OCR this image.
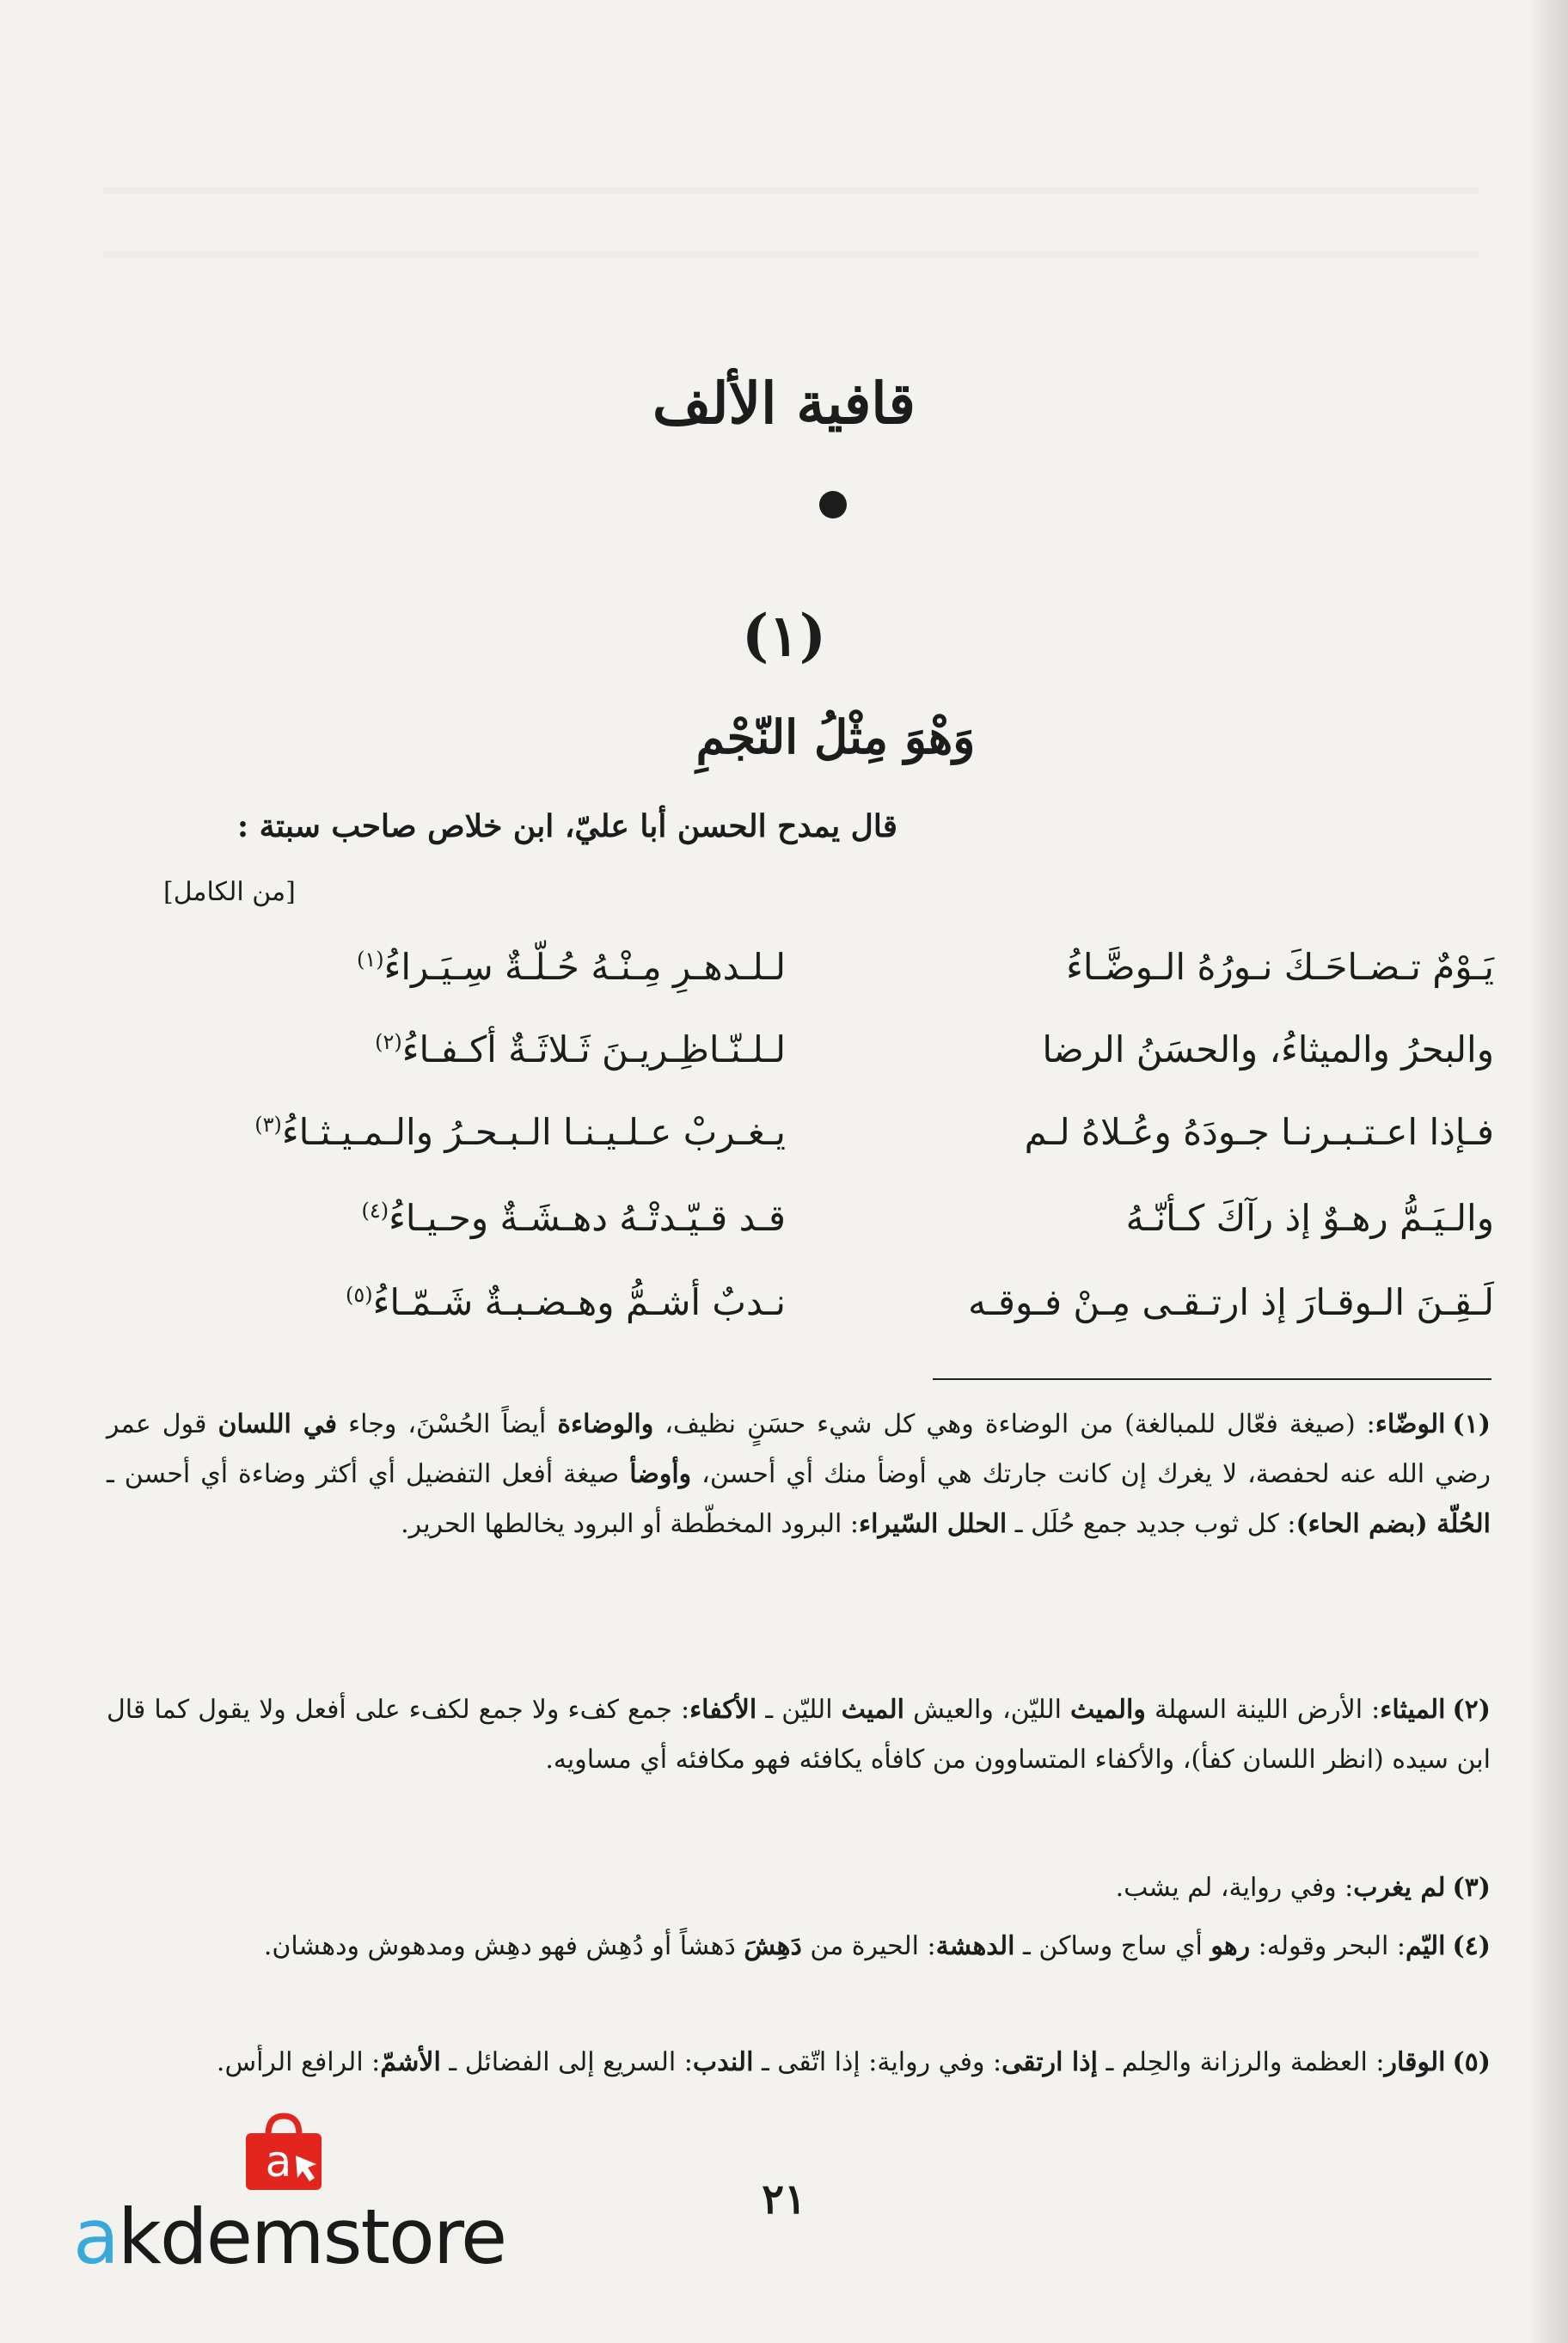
قافية الألف
(١)
وَهْوَ مِثْلُ النّجْمِ
قال يمدح الحسن أبا عليّ، ابن خلاص صاحب سبتة :
[من الكامل]
يَـوْمٌ تـضـاحَـكَ نـورُهُ الـوضَّـاءُ
لـلـدهـرِ مِـنْـهُ حُـلّـةٌ سِـيَـراءُ$^{(١)}$
والبحرُ والميثاءُ، والحسَنُ الرضا
لـلـنّـاظِـريـنَ ثَـلاثَـةٌ أكـفـاءُ$^{(٢)}$
فـإذا اعـتـبـرنـا جـودَهُ وعُـلاهُ لـم
يـغـربْ عـلـيـنـا الـبـحـرُ والـمـيـثـاءُ$^{(٣)}$
والـيَـمُّ رهـوٌ إذ رآكَ كـأنّـهُ
قـد قـيّـدتْـهُ دهـشَـةٌ وحـيـاءُ$^{(٤)}$
لَـقِـنَ الـوقـارَ إذ ارتـقـى مِـنْ فـوقـه
نـدبٌ أشـمُّ وهـضـبـةٌ شَـمّـاءُ$^{(٥)}$
(١)الوضّاء: (صيغة فعّال للمبالغة) من الوضاءة وهي كل شيء حسَنٍ نظيف، والوضاءة أيضاً الحُسْنَ، وجاء في اللسان قول عمر رضي الله عنه لحفصة، لا يغرك إن كانت جارتك هي أوضأ منك أي أحسن، وأوضأ صيغة أفعل التفضيل أي أكثر وضاءة أي أحسن ـ الحُلّة (بضم الحاء): كل ثوب جديد جمع حُلَل ـ الحلل السّيراء: البرود المخطّطة أو البرود يخالطها الحرير.
(٢)الميثاء: الأرض اللينة السهلة والميث الليّن، والعيش الميث الليّن ـ الأكفاء: جمع كفء ولا جمع لكفء على أفعل ولا يقول كما قال ابن سيده (انظر اللسان كفأ)، والأكفاء المتساوون من كافأه يكافئه فهو مكافئه أي مساويه.
(٣)لم يغرب: وفي رواية، لم يشب.
(٤)اليّم: البحر وقوله: رهو أي ساج وساكن ـ الدهشة: الحيرة من دَهِشَ دَهشاً أو دُهِش فهو دهِش ومدهوش ودهشان.
(٥)الوقار: العظمة والرزانة والحِلم ـ إذا ارتقى: وفي رواية: إذا اتّقى ـ الندب: السريع إلى الفضائل ـ الأشمّ: الرافع الرأس.
٢١
a
akdemstore
